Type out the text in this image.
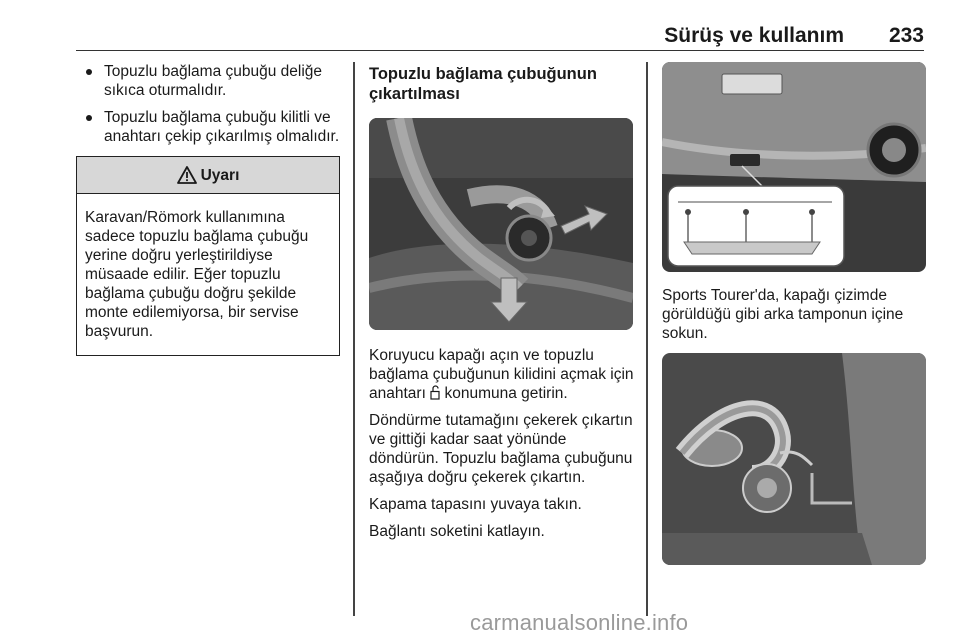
Sürüş ve kullanım 233
Topuzlu bağlama çubuğu deliğe sıkıca oturmalıdır.
Topuzlu bağlama çubuğu kilitli ve anahtarı çekip çıkarılmış olmalıdır.
Uyarı
Karavan/Römork kullanımına sadece topuzlu bağlama çubuğu yerine doğru yerleştirildiyse müsaade edilir. Eğer topuzlu bağlama çubuğu doğru şekilde monte edilemiyorsa, bir servise başvurun.
Topuzlu bağlama çubuğunun çıkartılması

Koruyucu kapağı açın ve topuzlu bağlama çubuğunun kilidini açmak için anahtarı  konumuna getirin.

Döndürme tutamağını çekerek çıkartın ve gittiği kadar saat yönünde döndürün. Topuzlu bağlama çubuğunu aşağıya doğru çekerek çıkartın.

Kapama tapasını yuvaya takın.

Bağlantı soketini katlayın.

Sports Tourer'da, kapağı çizimde görüldüğü gibi arka tamponun içine sokun.

carmanualsonline.info
